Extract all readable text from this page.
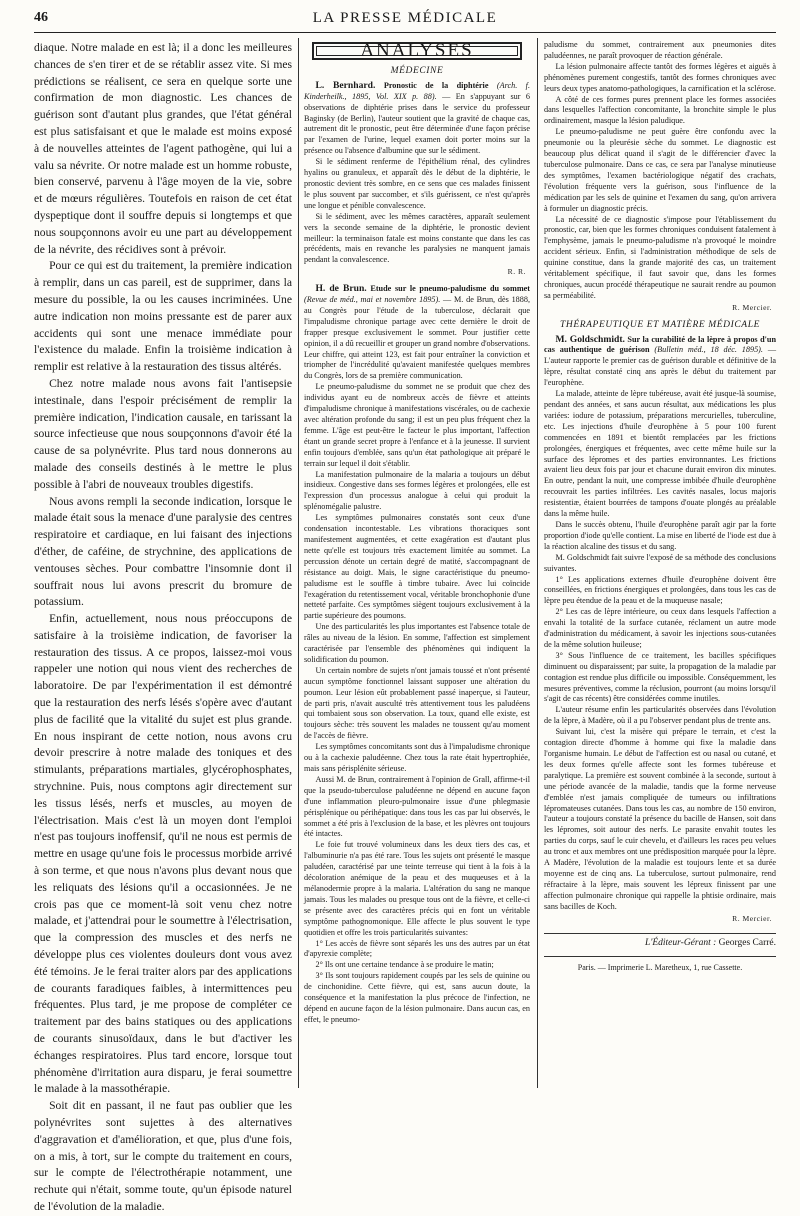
46	LA PRESSE MÉDICALE

diaque. Notre malade en est là; il a donc les meilleures chances de s'en tirer et de se rétablir assez vite. Si mes prédictions se réalisent, ce sera en quelque sorte une confirmation de mon diagnostic. Les chances de guérison sont d'autant plus grandes, que l'état général est plus satisfaisant et que le malade est moins exposé à de nouvelles atteintes de l'agent pathogène, qui lui a valu sa névrite. Or notre malade est un homme robuste, bien conservé, parvenu à l'âge moyen de la vie, sobre et de mœurs régulières. Toutefois en raison de cet état dyspeptique dont il souffre depuis si longtemps et que nous soupçonnons avoir eu une part au développement de la névrite, des récidives sont à prévoir.

Pour ce qui est du traitement, la première indication à remplir, dans un cas pareil, est de supprimer, dans la mesure du possible, la ou les causes incriminées. Une autre indication non moins pressante est de parer aux accidents qui sont une menace immédiate pour l'existence du malade. Enfin la troisième indication à remplir est relative à la restauration des tissus altérés.

Chez notre malade nous avons fait l'antisepsie intestinale, dans l'espoir précisément de remplir la première indication, l'indication causale, en tarissant la source infectieuse que nous soupçonnons d'avoir été la cause de sa polynévrite. Plus tard nous donnerons au malade des conseils destinés à le mettre le plus possible à l'abri de nouveaux troubles digestifs.

Nous avons rempli la seconde indication, lorsque le malade était sous la menace d'une paralysie des centres respiratoire et cardiaque, en lui faisant des injections d'éther, de caféine, de strychnine, des applications de ventouses sèches. Pour combattre l'insomnie dont il souffrait nous lui avons prescrit du bromure de potassium.

Enfin, actuellement, nous nous préoccupons de satisfaire à la troisième indication, de favoriser la restauration des tissus. A ce propos, laissez-moi vous rappeler une notion qui nous vient des recherches de laboratoire. De par l'expérimentation il est démontré que la restauration des nerfs lésés s'opère avec d'autant plus de facilité que la vitalité du sujet est plus grande. En nous inspirant de cette notion, nous avons cru devoir prescrire à notre malade des toniques et des stimulants, préparations martiales, glycérophosphates, strychnine. Puis, nous comptons agir directement sur les tissus lésés, nerfs et muscles, au moyen de l'électrisation. Mais c'est là un moyen dont l'emploi n'est pas toujours inoffensif, qu'il ne nous est permis de mettre en usage qu'une fois le processus morbide arrivé à son terme, et que nous n'avons plus devant nous que les reliquats des lésions qu'il a occasionnées. Je ne crois pas que ce moment-là soit venu chez notre malade, et j'attendrai pour le soumettre à l'électrisation, que la compression des muscles et des nerfs ne développe plus ces violentes douleurs dont vous avez été témoins. Je le ferai traiter alors par des applications de courants faradiques faibles, à intermittences peu fréquentes. Plus tard, je me propose de compléter ce traitement par des bains statiques ou des applications de courants sinusoïdaux, dans le but d'activer les échanges respiratoires. Plus tard encore, lorsque tout phénomène d'irritation aura disparu, je ferai soumettre le malade à la massothérapie.

Soit dit en passant, il ne faut pas oublier que les polynévrites sont sujettes à des alternatives d'aggravation et d'amélioration, et que, plus d'une fois, on a mis, à tort, sur le compte du traitement en cours, sur le compte de l'électrothérapie notamment, une rechute qui n'était, somme toute, qu'un épisode naturel de l'évolution de la maladie.

ANALYSES
MÉDECINE

L. Bernhard. Pronostic de la diphtérie (Arch. f. Kinderheilk., 1895, Vol. XIX p. 88). — En s'appuyant sur 6 observations de diphtérie prises dans le service du professeur Baginsky (de Berlin), l'auteur soutient que la gravité de chaque cas, autrement dit le pronostic, peut être déterminée d'une façon précise par l'examen de l'urine, lequel examen doit porter moins sur la présence ou l'absence d'albumine que sur le sédiment.

Si le sédiment renferme de l'épithélium rénal, des cylindres hyalins ou granuleux, et apparaît dès le début de la diphtérie, le pronostic devient très sombre, en ce sens que ces malades finissent le plus souvent par succomber, et s'ils guérissent, ce n'est qu'après une longue et pénible convalescence.

Si le sédiment, avec les mêmes caractères, apparaît seulement vers la seconde semaine de la diphtérie, le pronostic devient meilleur: la terminaison fatale est moins constante que dans les cas précédents, mais en revanche les paralysies ne manquent jamais pendant la convalescence.

R. R.

H. de Brun. Etude sur le pneumo-paludisme du sommet (Revue de méd., mai et novembre 1895). — M. de Brun, dès 1888, au Congrès pour l'étude de la tuberculose, déclarait que l'impaludisme chronique partage avec cette dernière le droit de frapper presque exclusivement le sommet. Pour justifier cette opinion, il a dû recueillir et grouper un grand nombre d'observations. Leur chiffre, qui atteint 123, est fait pour entraîner la conviction et triompher de l'incrédulité qu'avaient manifestée quelques membres du Congrès, lors de sa première communication.

Le pneumo-paludisme du sommet ne se produit que chez des individus ayant eu de nombreux accès de fièvre et atteints d'impaludisme chronique à manifestations viscérales, ou de cachexie avec altération profonde du sang; il est un peu plus fréquent chez la femme. L'âge est peut-être le facteur le plus important, l'affection étant un grande secret propre à l'enfance et à la jeunesse. Il survient enfin toujours d'emblée, sans qu'un état pathologique ait préparé le terrain sur lequel il doit s'établir.

La manifestation pulmonaire de la malaria a toujours un début insidieux. Congestive dans ses formes légères et prolongées, elle est l'expression d'un processus analogue à celui qui produit la splénomégalie palustre.

Les symptômes pulmonaires constatés sont ceux d'une condensation incontestable. Les vibrations thoraciques sont manifestement augmentées, et cette exagération est d'autant plus nette qu'elle est toujours très exactement limitée au sommet. La percussion dénote un certain degré de matité, s'accompagnant de résistance au doigt. Mais, le signe caractéristique du pneumo-paludisme est le souffle à timbre tubaire. Avec lui coïncide l'exagération du retentissement vocal, véritable bronchophonie d'une netteté parfaite. Ces symptômes siègent toujours exclusivement à la partie supérieure des poumons.

Une des particularités les plus importantes est l'absence totale de râles au niveau de la lésion. En somme, l'affection est simplement caractérisée par l'ensemble des phénomènes qui indiquent la solidification du poumon.

Un certain nombre de sujets n'ont jamais toussé et n'ont présenté aucun symptôme fonctionnel laissant supposer une altération du poumon. Leur lésion eût probablement passé inaperçue, si l'auteur, de parti pris, n'avait ausculté très attentivement tous les paludéens qui tombaient sous son observation. La toux, quand elle existe, est toujours sèche: très souvent les malades ne toussent qu'au moment de l'accès de fièvre.

Les symptômes concomitants sont dus à l'impaludisme chronique ou à la cachexie paludéenne. Chez tous la rate était hypertrophiée, mais sans périsplénite sérieuse.

Aussi M. de Brun, contrairement à l'opinion de Grall, affirme-t-il que la pseudo-tuberculose paludéenne ne dépend en aucune façon d'une inflammation pleuro-pulmonaire issue d'une phlegmasie périsplénique ou périhépatique: dans tous les cas par lui observés, le sommet a été pris à l'exclusion de la base, et les plèvres ont toujours été intactes.

Le foie fut trouvé volumineux dans les deux tiers des cas, et l'albuminurie n'a pas été rare. Tous les sujets ont présenté le masque paludéen, caractérisé par une teinte terreuse qui tient à la fois à la décoloration anémique de la peau et des muqueuses et à la mélanodermie propre à la malaria. L'altération du sang ne manque jamais. Tous les malades ou presque tous ont de la fièvre, et celle-ci se présente avec des caractères précis qui en font un véritable symptôme pathognomonique. Elle affecte le plus souvent le type quotidien et offre les trois particularités suivantes:

1° Les accès de fièvre sont séparés les uns des autres par un état d'apyrexie complète;

2° Ils ont une certaine tendance à se produire le matin;

3° Ils sont toujours rapidement coupés par les sels de quinine ou de cinchonidine. Cette fièvre, qui est, sans aucun doute, la conséquence et la manifestation la plus précoce de l'infection, ne dépend en aucune façon de la lésion pulmonaire. Dans aucun cas, en effet, le pneumo-

paludisme du sommet, contrairement aux pneumonies dites paludéennes, ne paraît provoquer de réaction générale.

La lésion pulmonaire affecte tantôt des formes légères et aiguës à phénomènes purement congestifs, tantôt des formes chroniques avec leurs deux types anatomo-pathologiques, la carnification et la sclérose.

A côté de ces formes pures prennent place les formes associées dans lesquelles l'affection concomitante, la bronchite simple le plus ordinairement, masque la lésion paludique.

Le pneumo-paludisme ne peut guère être confondu avec la pneumonie ou la pleurésie sèche du sommet. Le diagnostic est beaucoup plus délicat quand il s'agit de le différencier d'avec la tuberculose pulmonaire. Dans ce cas, ce sera par l'analyse minutieuse des symptômes, l'examen bactériologique négatif des crachats, l'évolution fréquente vers la guérison, sous l'influence de la médication par les sels de quinine et l'examen du sang, qu'on arrivera à formuler un diagnostic précis.

La nécessité de ce diagnostic s'impose pour l'établissement du pronostic, car, bien que les formes chroniques conduisent fatalement à l'emphysème, jamais le pneumo-paludisme n'a provoqué le moindre accident sérieux. Enfin, si l'administration méthodique de sels de quinine constitue, dans la grande majorité des cas, un traitement véritablement spécifique, il faut savoir que, dans les formes chroniques, aucun procédé thérapeutique ne saurait rendre au poumon sa perméabilité.

R. Mercier.
THÉRAPEUTIQUE ET MATIÈRE MÉDICALE

M. Goldschmidt. Sur la curabilité de la lèpre à propos d'un cas authentique de guérison (Bulletin méd., 18 déc. 1895). — L'auteur rapporte le premier cas de guérison durable et définitive de la lèpre, résultat constaté cinq ans après le début du traitement par l'europhène.

La malade, atteinte de lèpre tubéreuse, avait été jusque-là soumise, pendant des années, et sans aucun résultat, aux médications les plus variées: iodure de potassium, préparations mercurielles, tuberculine, etc. Les injections d'huile d'europhène à 5 pour 100 furent commencées en 1891 et bientôt remplacées par les frictions prolongées, énergiques et fréquentes, avec cette même huile sur la surface des lépromes et des parties environnantes. Les frictions avaient lieu deux fois par jour et chacune durait environ dix minutes. En outre, pendant la nuit, une compresse imbibée d'huile d'europhène recouvrait les parties infiltrées. Les cavités nasales, locus majoris resistentiæ, étaient bourrées de tampons d'ouate plongés au préalable dans la même huile.

Dans le succès obtenu, l'huile d'europhène paraît agir par la forte proportion d'iode qu'elle contient. La mise en liberté de l'iode est due à la réaction alcaline des tissus et du sang.

M. Goldschmidt fait suivre l'exposé de sa méthode des conclusions suivantes.

1° Les applications externes d'huile d'europhène doivent être conseillées, en frictions énergiques et prolongées, dans tous les cas de lèpre peu étendue de la peau et de la muqueuse nasale;

2° Les cas de lèpre intérieure, ou ceux dans lesquels l'affection a envahi la totalité de la surface cutanée, réclament un autre mode d'administration du médicament, à savoir les injections sous-cutanées de la même solution huileuse;

3° Sous l'influence de ce traitement, les bacilles spécifiques diminuent ou disparaissent; par suite, la propagation de la maladie par contagion est rendue plus difficile ou impossible. Conséquemment, les mesures préventives, comme la réclusion, pourront (au moins lorsqu'il s'agit de cas récents) être considérées comme inutiles.

L'auteur résume enfin les particularités observées dans l'évolution de la lèpre, à Madère, où il a pu l'observer pendant plus de trente ans.

Suivant lui, c'est la misère qui prépare le terrain, et c'est la contagion directe d'homme à homme qui fixe la maladie dans l'organisme humain. Le début de l'affection est ou nasal ou cutané, et les deux formes qu'elle affecte sont les formes tubéreuse et paralytique. La première est souvent combinée à la seconde, surtout à une période avancée de la maladie, tandis que la forme nerveuse d'emblée n'est jamais compliquée de tumeurs ou infiltrations lépromateuses cutanées. Dans tous les cas, au nombre de 150 environ, l'auteur a toujours constaté la présence du bacille de Hansen, soit dans les lépromes, soit autour des nerfs. Le parasite envahit toutes les parties du corps, sauf le cuir chevelu, et d'ailleurs les races peu velues au tronc et aux membres ont une prédisposition marquée pour la lèpre. A Madère, l'évolution de la maladie est toujours lente et sa durée moyenne est de cinq ans. La tuberculose, surtout pulmonaire, rend réfractaire à la lèpre, mais souvent les lépreux finissent par une affection pulmonaire chronique qui rappelle la phtisie ordinaire, mais sans bacilles de Koch.

R. Mercier.
L'Éditeur-Gérant : Georges Carré.
Paris. — Imprimerie L. Maretheux, 1, rue Cassette.
